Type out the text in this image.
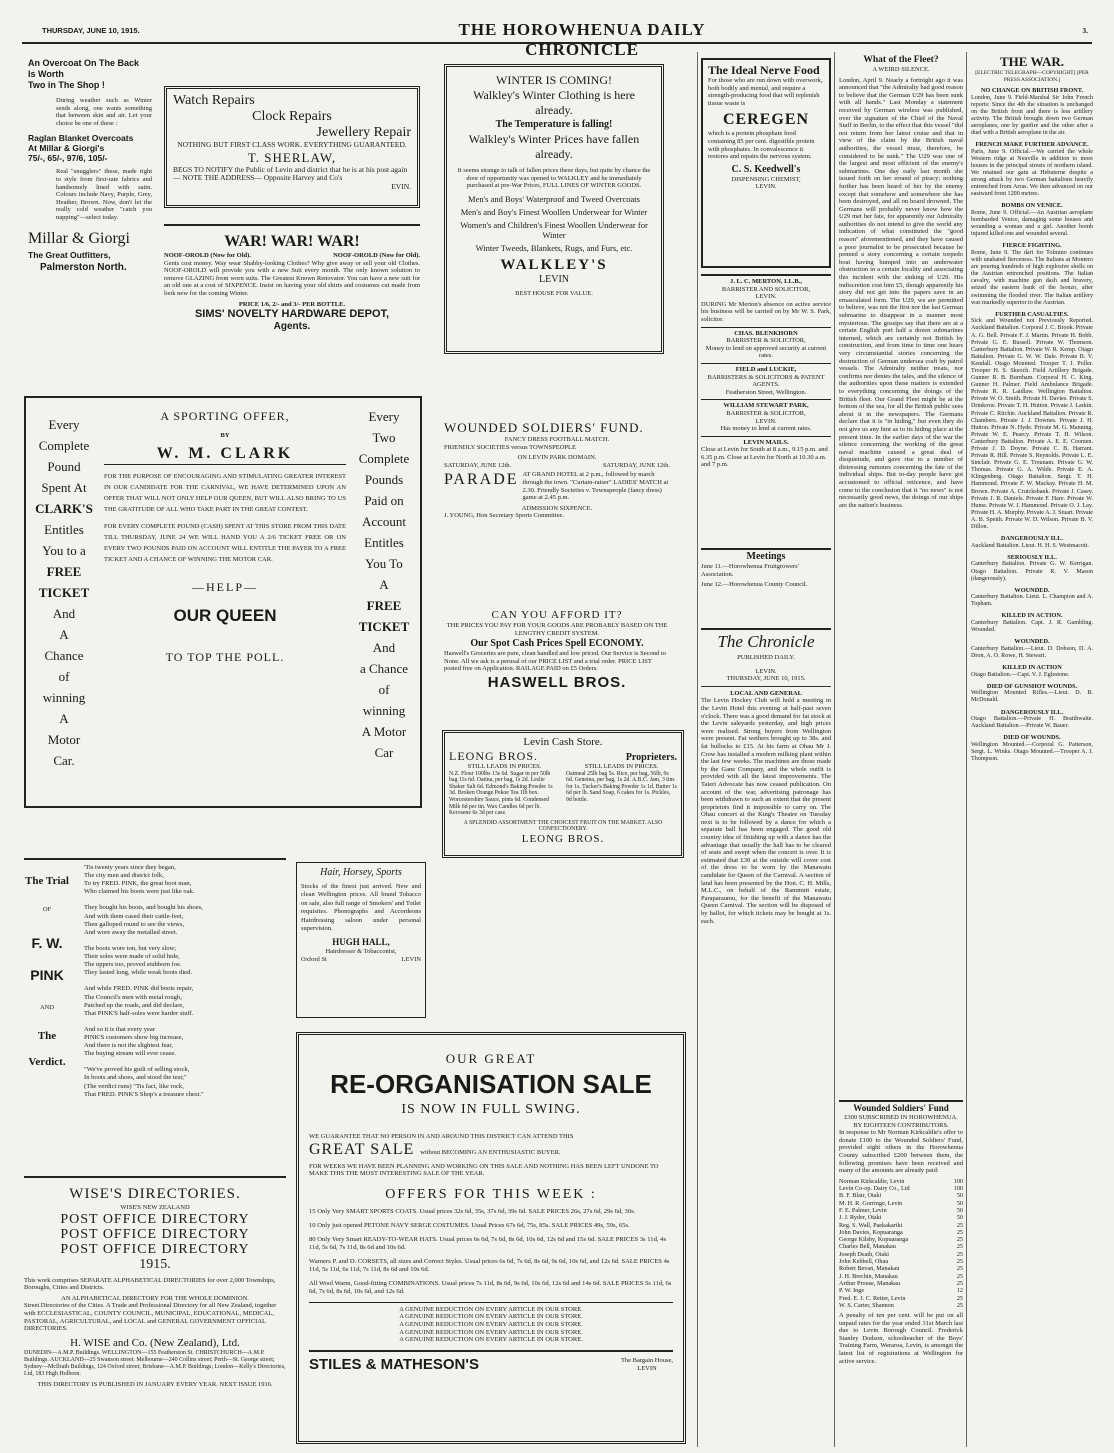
THURSDAY, JUNE 10, 1915.	THE HOROWHENUA DAILY CHRONICLE
3.
An Overcoat On The Back
Is Worth
Two in The Shop !

During weather such as Winter sends along, one wants something that between skin and air. Let your choice be one of these :

Raglan Blanket Overcoats
At Millar & Giorgi's
75/-, 65/-, 97/6, 105/-

Real "snugglers" these, made right to style from first-rate fabrics and handsomely lined with satin. Colours include Navy, Purple, Grey, Heather, Brown. Now, don't let the really cold weather "catch you napping"—select today.

Millar & Giorgi
The Great Outfitters,
Palmerston North.
Watch Repairs
Clock Repairs
Jewellery Repair
NOTHING BUT FIRST CLASS WORK. EVERYTHING GUARANTEED.
T. SHERLAW,
BEGS TO NOTIFY the Public of Levin and district that he is at his post again — NOTE THE ADDRESS— Opposite Harvey and Co's
EVIN.
WAR! WAR! WAR!
NOOF-OROLD (Now for Old).	NOOF-OROLD (Now for Old).

Gents cost money. Way wear Shabby-looking Clothes? Why give away or sell your old Clothes. NOOF-OROLD will provide you with a new Suit every month. The only known solution to remove GLAZING from worn suits. The Greatest Known Renovator. You can have a new suit for an old one at a cost of SIXPENCE. Insist on having your old shirts and costumes cut made from look new for the coming Winter.

PRICE 1/6, 2/- and 3/- PER BOTTLE.
SIMS' NOVELTY HARDWARE DEPOT,
Agents.
WINTER IS COMING!
Walkley's Winter Clothing is here already.
The Temperature is falling!
Walkley's Winter Prices have fallen already.

It seems strange to talk of fallen prices these days, but quite by chance the door of opportunity was opened to WALKLEY and he immediately purchased at pre-War Prices, FULL LINES OF WINTER GOODS.

Men's and Boys' Waterproof and Tweed Overcoats
Men's and Boy's Finest Woollen Underwear for Winter
Women's and Children's Finest Woollen Underwear for Winter
Winter Tweeds, Blankets, Rugs, and Furs, etc.
WALKLEY'S
LEVIN
BEST HOUSE FOR VALUE.
The Ideal Nerve Food

For those who are run down with overwork, both bodily and mental, and require a strength-producing food that will replenish tissue waste is

CEREGEN

which is a protein phosphate food containing 85 per cent. digestible protein with phosphates. In convalescence it restores and repairs the nervous system.

C. S. Keedwell's
DISPENSING CHEMIST,
LEVIN.
J. L. C. MERTON, LL.B.,
BARRISTER AND SOLICITOR,
LEVIN.

DURING Mr Merton's absence on active service his business will be carried on by Mr W. S. Park, solicitor.

CHAS. BLENKHORN
BARRISTER & SOLICITOR,

Money to lend on approved security at current rates.

FIELD and LUCKIE,
BARRISTERS & SOLICITORS & PATENT AGENTS.
Featherston Street, Wellington.
WILLIAM STEWART PARK,
BARRISTER & SOLICITOR,
LEVIN.

Has money to lend at current rates.

LEVIN MAILS.

Close at Levin for South at 8 a.m., 9.15 p.m. and 6.35 p.m. Close at Levin for North at 10.30 a.m. and 7 p.m.

Meetings

June 11.—Horowhenua Fruitgrowers' Association.

June 12.—Horowhenua County Council.

The Chronicle
PUBLISHED DAILY.
LEVIN.
THURSDAY, JUNE 10, 1915.
LOCAL AND GENERAL

The Levin Hockey Club will hold a meeting in the Levin Hotel this evening at half-past seven o'clock. There was a good demand for fat stock at the Levin saleyards yesterday, and high prices were realised. Strong buyers from Wellington were present. Fat wethers brought up to 38s. and fat bullocks to £15. At his farm at Ohau Mr J. Crow has installed a modern milking plant within the last few weeks. The machines are those made by the Gane Company, and the whole outfit is provided with all the latest improvements. The Taieri Advocate has now ceased publication. On account of the war, advertising patronage has been withdrawn to such an extent that the present proprietors find it impossible to carry on. The Ohau concert at the King's Theatre on Tuesday next is to be followed by a dance for which a separate ball has been engaged. The good old country idea of finishing up with a dance has the advantage that usually the hall has to be cleared of seats and swept when the concert is over. It is estimated that £30 at the outside will cover cost of the dress to be worn by the Manawatu candidate for Queen of the Carnival. A section of land has been presented by the Hon. C. H. Mills, M.L.C., on behalf of the Rammutt estate, Paraparaumu, for the benefit of the Manawatu Queen Carnival. The section will be disposed of by ballot, for which tickets may be bought at 1s. each.

What of the Fleet?
A WEIRD SILENCE.

London, April 9. Nearly a fortnight ago it was announced that "the Admiralty had good reason to believe that the German U29 has been sunk with all hands." Last Monday a statement received by German wireless was published, over the signature of the Chief of the Naval Staff in Berlin, to the effect that this vessel "did not return from her latest cruise and that in view of the claim by the British naval authorities, the vessel must, therefore, be considered to be sunk." The U29 was one of the largest and most efficient of the enemy's submarines. One day early last month she issued forth on her errand of piracy; nothing further has been heard of her by the enemy except that somehow and somewhere she has been destroyed, and all on board drowned. The Germans will probably never know how the U29 met her fate, for apparently our Admiralty authorities do not intend to give the world any indication of what constituted the "good reason" aforementioned, and they have caused a poor journalist to be prosecuted because he penned a story concerning a certain torpedo boat having bumped into an underwater obstruction in a certain locality and associating this incident with the sinking of U29. His indiscretion cost him £5, though apparently his story did not get into the papers save in an emasculated form. The U29, we are permitted to believe, was not the first nor the last German submarine to disappear in a manner most mysterious. The gossips say that there are at a certain English port half a dozen submarines interned, which are certainly not British by construction, and from time to time one hears very circumstantial stories concerning the destruction of German undersea craft by patrol vessels. The Admiralty neither treats, nor confirms nor denies the tales, and the silence of the authorities upon these matters is extended to everything concerning the doings of the British fleet. Our Grand Fleet might be at the bottom of the sea, for all the British public sees about it in the newspapers. The Germans declare that it is "in hiding," but even they do not give us any hint as to its hiding place at the present time. In the earlier days of the war the silence concerning the working of the great naval machine caused a great deal of disquietude, and gave rise to a number of distressing rumours concerning the fate of the individual ships. But to-day people have got accustomed to official reticence, and have come to the conclusion that it "no news" is not necessarily good news, the doings of our ships are the nation's business.

Wounded Soldiers' Fund
£300 SUBSCRIBED IN HOROWHENUA.
BY EIGHTEEN CONTRIBUTORS.

In response to Mr Norman Kirkcaldie's offer to donate £100 to the Wounded Soldiers' Fund, provided eight others in the Horowhenua County subscribed £200 between them, the following promises have been received and many of the amounts are already paid:

Norman Kirkcaldie, Levin	100
Levin Co-op. Dairy Co., Ltd	100
B. F. Blair, Otaki	50
M. H. R. Gorringe, Levin	50
F. E. Palmer, Levin	50
J. J. Ryder, Otaki	50
Reg. S. Wall, Paekakariki	25
John Davies, Kopuaranga	25
George Kilsby, Kopuaranga	25
Charles Bell, Manakau	25
Joseph Death, Otaki	25
John Kebbell, Ohau	25
Robert Bevan, Manakau	25
J. H. Brechin, Manakau	25
Arthur Prouse, Manakau	25
P. W. Inge	12
Fred. E. J. C. Retter, Levin	25
W. S. Carter, Shannon	25

A penalty of ten per cent. will be put on all unpaid rates for the year ended 31st March last due to Levin Borough Council. Frederick Stanley Dodson, schoolteacher of the Boys' Training Farm, Weraroa, Levin, is amongst the latest list of registrations at Wellington for active service.

THE WAR.
[ELECTRIC TELEGRAPH—COPYRIGHT] [PER PRESS ASSOCIATION.]
NO CHANGE ON BRITISH FRONT.

London, June 9. Field-Marshal Sir John French reports: Since the 4th the situation is unchanged on the British front and there is less artillery activity. The British brought down two German aeroplanes, one by gunfire and the other after a duel with a British aeroplane in the air.

FRENCH MAKE FURTHER ADVANCE.

Paris, June 9. Official.—We carried the whole Western ridge at Neuville in addition to more houses in the principal streets of northern island. We retained our gain at Hebuterne despite a strong attack by two German battalions heavily entrenched from Arras. We then advanced on our eastward front 1200 metres.

BOMBS ON VENICE.

Rome, June 9. Official.—An Austrian aeroplane bombarded Venice, damaging some houses and wounding a woman and a girl. Another bomb injured killed one and wounded several.

FIERCE FIGHTING.

Rome, June 9. The dart for Tolmino continues with unabated fierceness. The Italians at Montero are pouring hundreds of high explosive shells on the Austrian entrenched positions. The Italian cavalry, with machine gun dash and bravery, seized the eastern bank of the Isonzo, after swimming the flooded river. The Italian artillery was markedly superior to the Austrian.

FURTHER CASUALTIES.

Sick and Wounded not Previously Reported. Auckland Battalion. Corporal J. C. Brook. Private A. G. Bell. Private F. J. Martin. Private H. Bobb. Private G. E. Russell. Private W. Thomson. Canterbury Battalion. Private W. R. Kemp. Otago Battalion. Private G. W. W. Dale. Private B. V. Kendall. Otago Mounted. Trooper T. J. Poller. Trooper H. S. Skeoch. Field Artillery Brigade. Gunner R. B. Burnham. Corporal H. C. King. Gunner H. Palmer. Field Ambulance Brigade. Private R. R. Laidlaw. Wellington Battalion. Private W. O. Smith. Private H. Davies. Private S. Drinkrow. Private T. H. Hutton. Private J. Larkin. Private C. Ritchie. Auckland Battalion. Private R. Chambers. Private J. J. Downes. Private J. H. Hutton. Private N. Hyde. Private M. G. Manning. Private W. E. Pearcy. Private T. H. Wilson. Canterbury Battalion. Private A. E. E. Coomen. Private J. D. Doyne. Private C. B. Harrant. Private R. Hill. Private S. Reynolds. Private L. E. Sinclair. Private G. E. Trounam. Private G. W. Thomas. Private G. A. Wilde. Private E. A. Klingenberg. Otago Battalion. Sergt. T. H. Hammond. Private F. W. Mackay. Private H. M. Brown. Private A. Cruickshank. Private J. Casey. Private J. R. Daniels. Private F. Hare. Private W. Hume. Private W. J. Hammond. Private O. J. Lay. Private H. A. Murphy. Private A. J. Stuart. Private A. B. Speith. Private W. D. Wilson. Private B. V. Dillon.

DANGEROUSLY ILL.

Auckland Battalion. Lieut. H. H. S. Westmacott.

SERIOUSLY ILL.

Canterbury Battalion. Private G. W. Kerrigan. Otago Battalion. Private R. V. Mason (dangerously).

WOUNDED.

Canterbury Battalion. Lieut. L. Champion and A. Topham.

KILLED IN ACTION.

Canterbury Battalion. Capt. J. R. Gambling. Wounded.

WOUNDED.

Canterbury Battalion.—Lieut. D. Dobson, D. A. Dron, A. O. Rowe, H. Stewart.

KILLED IN ACTION

Otago Battalion.—Capt. V. J. Eglestone.

DIED OF GUNSHOT WOUNDS.

Wellington Mounted Rifles.—Lieut. D. B. McDonald.

DANGEROUSLY ILL.

Otago Battalion.—Private H. Braithwaite. Auckland Battalion.—Private W. Bauer.

DIED OF WOUNDS.

Wellington Mounted.—Corporal G. Patterson, Sergt. L. Winks. Otago Mounted.—Trooper A. J. Thompson.

Every
Complete
Pound
Spent At
CLARK'S
Entitles
You to a
FREE
TICKET
And
A
Chance
of
winning
A
Motor
Car.
Every
Two
Complete
Pounds
Paid on
Account
Entitles
You To
A
FREE
TICKET
And
a Chance
of
winning
A Motor
Car
A SPORTING OFFER,
BY
W. M. CLARK

FOR THE PURPOSE OF ENCOURAGING AND STIMULATING GREATER INTEREST IN OUR CANDIDATE FOR THE CARNIVAL, WE HAVE DETERMINED UPON AN OFFER THAT WILL NOT ONLY HELP OUR QUEEN, BUT WILL ALSO BRING TO US THE GRATITUDE OF ALL WHO TAKE PART IN THE GREAT CONTEST.

FOR EVERY COMPLETE POUND (CASH) SPENT AT THIS STORE FROM THIS DATE TILL THURSDAY, JUNE 24 WE WILL HAND YOU A 2/6 TICKET FREE OR ON EVERY TWO POUNDS PAID ON ACCOUNT WILL ENTITLE THE PAYER TO A FREE TICKET AND A CHANCE OF WINNING THE MOTOR CAR.

—HELP—
OUR QUEEN
TO TOP THE POLL.
WOUNDED SOLDIERS' FUND.
FANCY DRESS FOOTBALL MATCH.
FRIENDLY SOCIETIES versus TOWNSPEOPLE
ON LEVIN PARK DOMAIN.
SATURDAY, JUNE 12th.	SATURDAY, JUNE 12th.
PARADE AT GRAND HOTEL at 2 p.m., followed by march through the town. "Curtain-raiser" LADIES' MATCH at 2.30. Friendly Societies v. Townspeople (fancy dress) game at 2.45 p.m.
ADMISSION SIXPENCE.
J. YOUNG, Hon Secretary Sports Committee.
CAN YOU AFFORD IT?
THE PRICES YOU PAY FOR YOUR GOODS ARE PROBABLY BASED ON THE LENGTHY CREDIT SYSTEM.
Our Spot Cash Prices Spell ECONOMY.
Haswell's Groceries are pure, clean handled and low priced. Our Service is Second to None. All we ask is a perusal of our PRICE LIST and a trial order. PRICE LIST posted free on Application. RAILAGE PAID on £5 Orders.
HASWELL BROS.
Levin Cash Store.
LEONG BROS.	Proprieters.
STILL LEADS IN PRICES.

N.Z. Flour 100lbs 13s 6d. Sugar in per 50lb bag 11s 6d. Oatina, per bag, 1s 2d. Leslie Shaker Salt 6d. Edmond's Baking Powder 1s 3d. Broken Orange Pekoe Tea 1lb box. Worcestershire Sauce, pints 6d. Condensed Milk 6d per tin. Wax Candles 6d per lb. Kerosene 6s 3d per case.

STILL LEADS IN PRICES.

Oatmeal 25lb bag 5s. Rice, per bag, 56lb, 9s 6d. Geneina, per bag, 1s 2d. A.B.C. Jam, 3 tins for 1s. Tucker's Baking Powder 1s 1d. Butter 1s 6d per lb. Sand Soap, 6 cakes for 1s. Pickles, 9d bottle.

A SPLENDID ASSORTMENT THE CHOICEST FRUIT ON THE MARKET. ALSO CONFECTIONERY.
LEONG BROS.
The Trial
OF
F. W.
PINK
AND
The
Verdict.
'Tis twenty years since they began,
The city men and district folk,
To try FRED. PINK, the great boot man,
Who claimed his boots were just like oak.

They bought his boots, and bought his shoes,
And with them cased their cattle-feet,
Then galloped round to see the views,
And wore away the metalled street.

The boots wore ton, but very slow;
Their soles were made of solid hide,
The uppers too, proved stubborn foe.
They lasted long, while weak boots died.

And while FRED. PINK did boots repair,
The Council's men with metal rough,
Patched up the roads, and did declare,
That PINK'S half-soles were harder stuff.

And so it is that every year
PINK'S customers show big increase,
And there is not the slightest fear,
The buying stream will ever cease.

"We've proved his guilt of selling stock,
In boots and shoes, and stood the test;"
(The verdict runs) "Tis fact, like rock,
That FRED. PINK'S Shop's a treasure chest."
Hair, Horsey, Sports

Stocks of the finest just arrived. New and clean Wellington prices. All brand Tobacco on sale, also full range of Smokers' and Toilet requisites. Phonographs and Accordeons Hairdressing saloon under personal supervision.

HUGH HALL,
Hairdresser & Tobacconist,
Oxford St	LEVIN
WISE'S DIRECTORIES.
WISE'S NEW ZEALAND
POST OFFICE DIRECTORY
POST OFFICE DIRECTORY
POST OFFICE DIRECTORY
1915.

This work comprises SEPARATE ALPHABETICAL DIRECTORIES for over 2,000 Townships, Boroughs, Cities and Districts.

AN ALPHABETICAL DIRECTORY FOR THE WHOLE DOMINION.

Street Directories of the Cities. A Trade and Professional Directory for all New Zealand, together with ECCLESIASTICAL, COUNTY COUNCIL, MUNICIPAL, EDUCATIONAL, MEDICAL, PASTORAL, AGRICULTURAL, and LOCAL and GENERAL GOVERNMENT OFFICIAL DIRECTORIES.

H. WISE and Co. (New Zealand), Ltd.

DUNEDIN—A.M.P. Buildings. WELLINGTON—155 Featherston St. CHRISTCHURCH—A.M.P. Buildings. AUCKLAND—25 Swanson street. Melbourne—240 Collins street; Perth—St. George street; Sydney—McIlrath Buildings, 124 Oxford street; Brisbane—A.M.P. Buildings; London—Kelly's Directories, Ltd, 183 High Holborn.

THIS DIRECTORY IS PUBLISHED IN JANUARY EVERY YEAR. NEXT ISSUE 1916.
OUR GREAT
RE-ORGANISATION SALE
IS NOW IN FULL SWING.
WE GUARANTEE THAT NO PERSON IN AND AROUND THIS DISTRICT CAN ATTEND THIS
GREAT SALE without BECOMING AN ENTHUSIASTIC BUYER.
FOR WEEKS WE HAVE BEEN PLANNING AND WORKING ON THIS SALE AND NOTHING HAS BEEN LEFT UNDONE TO MAKE THIS THE MOST INTERESTING SALE OF THE YEAR.
OFFERS FOR THIS WEEK :

15 Only Very SMART SPORTS COATS. Usual prices 32s 6d, 35s, 37s 6d, 39s 6d. SALE PRICES 26s, 27s 6d, 29s 6d, 30s.

10 Only just opened PETONE NAVY SERGE COSTUMES. Usual Prices 67s 6d, 75s, 85s. SALE PRICES 49s, 59s, 65s.

80 Only Very Smart READY-TO-WEAR HATS. Usual prices 6s 6d, 7s 6d, 8s 6d, 10s 6d, 12s 6d and 15s 6d. SALE PRICES 3s 11d, 4s 11d, 5s 6d, 7s 11d, 8s 6d and 10s 6d.

Warners P. and D. CORSETS, all sizes and Correct Styles. Usual prices 6s 6d, 7s 6d, 8s 6d, 9s 6d, 10s 6d, and 12s 6d. SALE PRICES 4s 11d, 5s 11d, 6s 11d, 7s 11d, 8s 6d and 10s 6d.

All Wool Warm, Good-fitting COMBINATIONS. Usual prices 7s 11d, 8s 6d, 9s 6d, 10s 6d, 12s 6d and 14s 6d. SALE PRICES 5s 11d, 6s 6d, 7s 6d, 8s 6d, 10s 6d, and 12s 6d.

A GENUINE REDUCTION ON EVERY ARTICLE IN OUR STORE.
A GENUINE REDUCTION ON EVERY ARTICLE IN OUR STORE.
A GENUINE REDUCTION ON EVERY ARTICLE IN OUR STORE.
A GENUINE REDUCTION ON EVERY ARTICLE IN OUR STORE.
A GENUINE REDUCTION ON EVERY ARTICLE IN OUR STORE.
STILES & MATHESON'S	The Bargain House,
LEVIN
